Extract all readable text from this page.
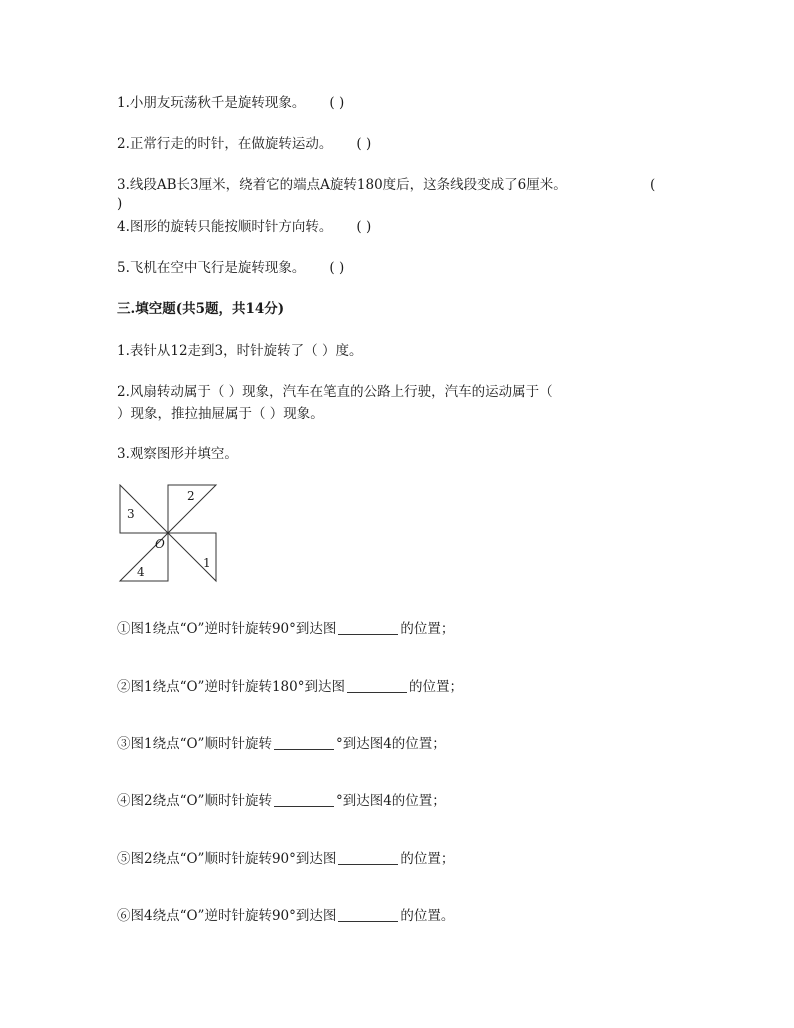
1.小朋友玩荡秋千是旋转现象。 ( )
2.正常行走的时针，在做旋转运动。 ( )
3.线段AB长3厘米，绕着它的端点A旋转180度后，这条线段变成了6厘米。	(
)
4.图形的旋转只能按顺时针方向转。 ( )
5.飞机在空中飞行是旋转现象。 ( )
三.填空题(共5题，共14分)
1.表针从12走到3，时针旋转了（ ）度。
2.风扇转动属于（ ）现象，汽车在笔直的公路上行驶，汽车的运动属于（
）现象，推拉抽屉属于（ ）现象。
3.观察图形并填空。
2
3
O
1
4
①图1绕点“O”逆时针旋转90°到达图	的位置；
②图1绕点“O”逆时针旋转180°到达图	的位置；
③图1绕点“O”顺时针旋转	°到达图4的位置；
④图2绕点“O”顺时针旋转	°到达图4的位置；
⑤图2绕点“O”顺时针旋转90°到达图	的位置；
⑥图4绕点“O”逆时针旋转90°到达图	的位置。
